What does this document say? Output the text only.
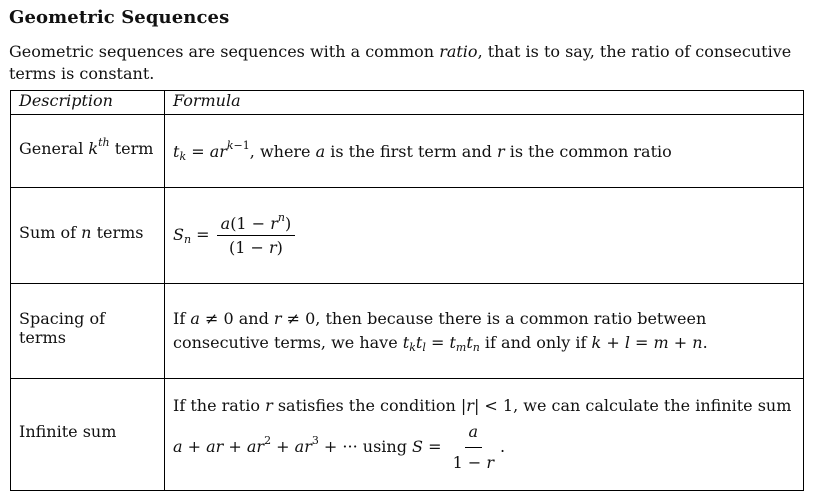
Geometric Sequences
Geometric sequences are sequences with a common ratio, that is to say, the ratio of consecutive terms is constant.
Description	Formula
General $k^{th}$ term	$t_k = ar^{k-1}$, where a is the first term and r is the common ratio
Sum of n terms	$S_n = \frac{a(1 - r^n)}{(1 - r)}$

Spacing of terms	If a ≠ 0 and r ≠ 0, then because there is a common ratio between consecutive terms, we have $t_kt_l = t_mt_n$ if and only if k + l = m + n.
Infinite sum	If the ratio r satisfies the condition |r| < 1, we can calculate the infinite sum
a + ar + $ar^2 + ar^3$ + ··· using $S = \frac{a}{1 - r}$ .
